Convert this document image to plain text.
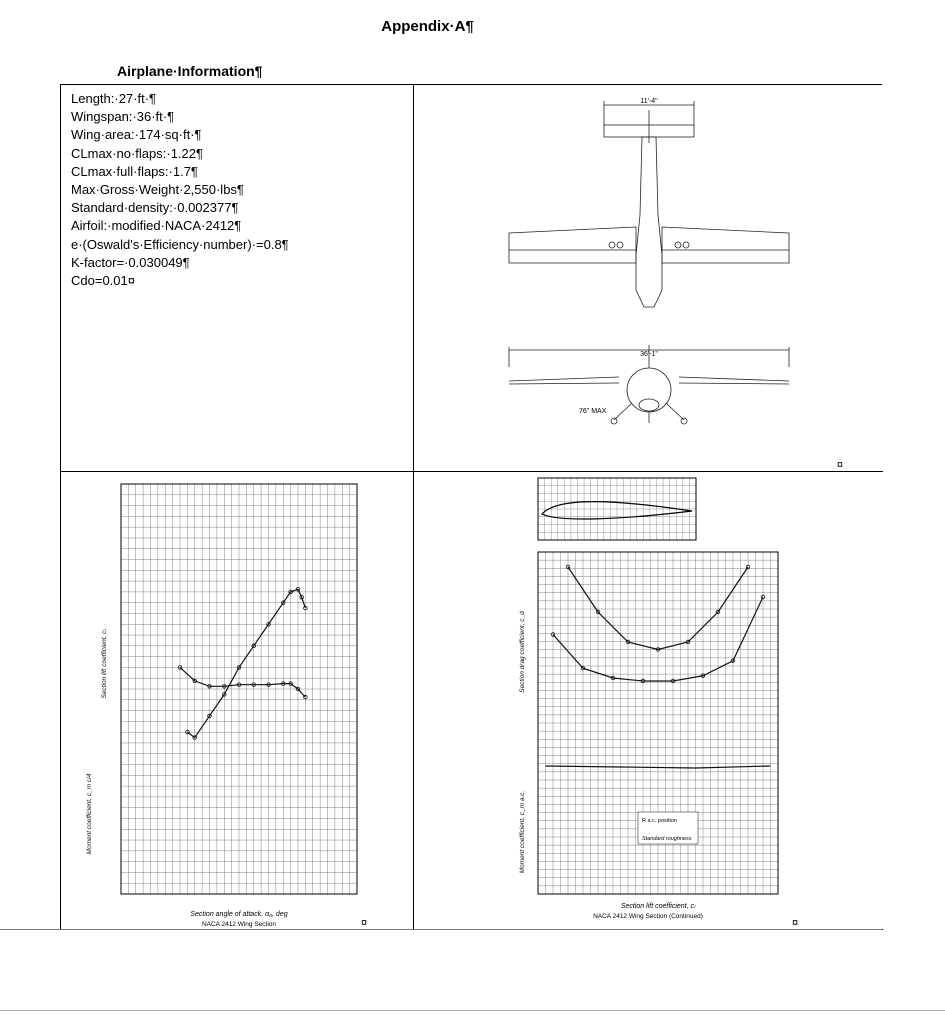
Appendix·A¶
Airplane·Information¶
Length:·27·ft·¶
Wingspan:·36·ft·¶
Wing·area:·174·sq·ft·¶
CLmax·no·flaps:·1.22¶
CLmax·full·flaps:·1.7¶
Max·Gross·Weight·2,550·lbs¶
Standard·density:·0.002377¶
Airfoil:·modified·NACA·2412¶
e·(Oswald's·Efficiency·number)·=0.8¶
K-factor=·0.030049¶
Cdo=0.01¤
11'-4"
36'-1"
76" MAX
¤
Section angle of attack, α₀, deg
NACA 2412 Wing Section
Section lift coefficient, cₗ
Moment coefficient, c_m c/4
¤
R a.c. position
Standard roughness
Section lift coefficient, cₗ
NACA 2412 Wing Section (Continued)
Section drag coefficient, c_d
Moment coefficient, c_m a.c.
¤
